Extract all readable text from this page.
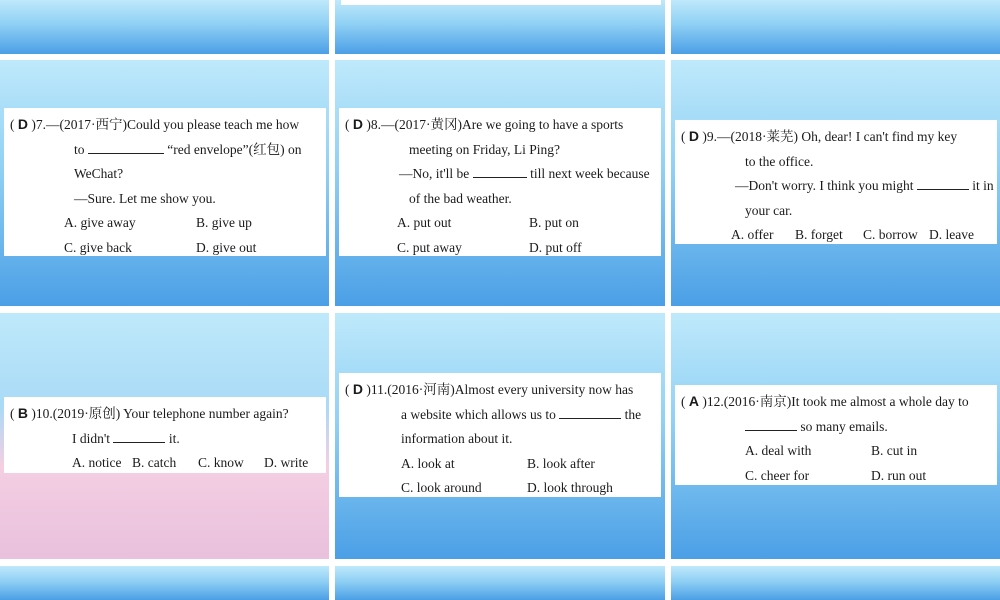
( D )7.—(2017·西宁)Could you please teach me how
to	“red envelope”(红包) on
WeChat?
—Sure. Let me show you.
A. give away	B. give up
C. give back	D. give out
( D )8.—(2017·黄冈)Are we going to have a sports
meeting on Friday, Li Ping?
—No, it'll be	till next week because
of the bad weather.
A. put out	B. put on
C. put away	D. put off
( D )9.—(2018·莱芜) Oh, dear! I can't find my key
to the office.
—Don't worry. I think you might	it in
your car.
A. offer B. forget C. borrow D. leave
( B )10.(2019·原创) Your telephone number again?
I didn't	it.
A. notice B. catch C. know D. write
( D )11.(2016·河南)Almost every university now has
a website which allows us to	the
information about it.
A. look at	B. look after
C. look around	D. look through
( A )12.(2016·南京)It took me almost a whole day to
so many emails.
A. deal with	B. cut in
C. cheer for	D. run out
